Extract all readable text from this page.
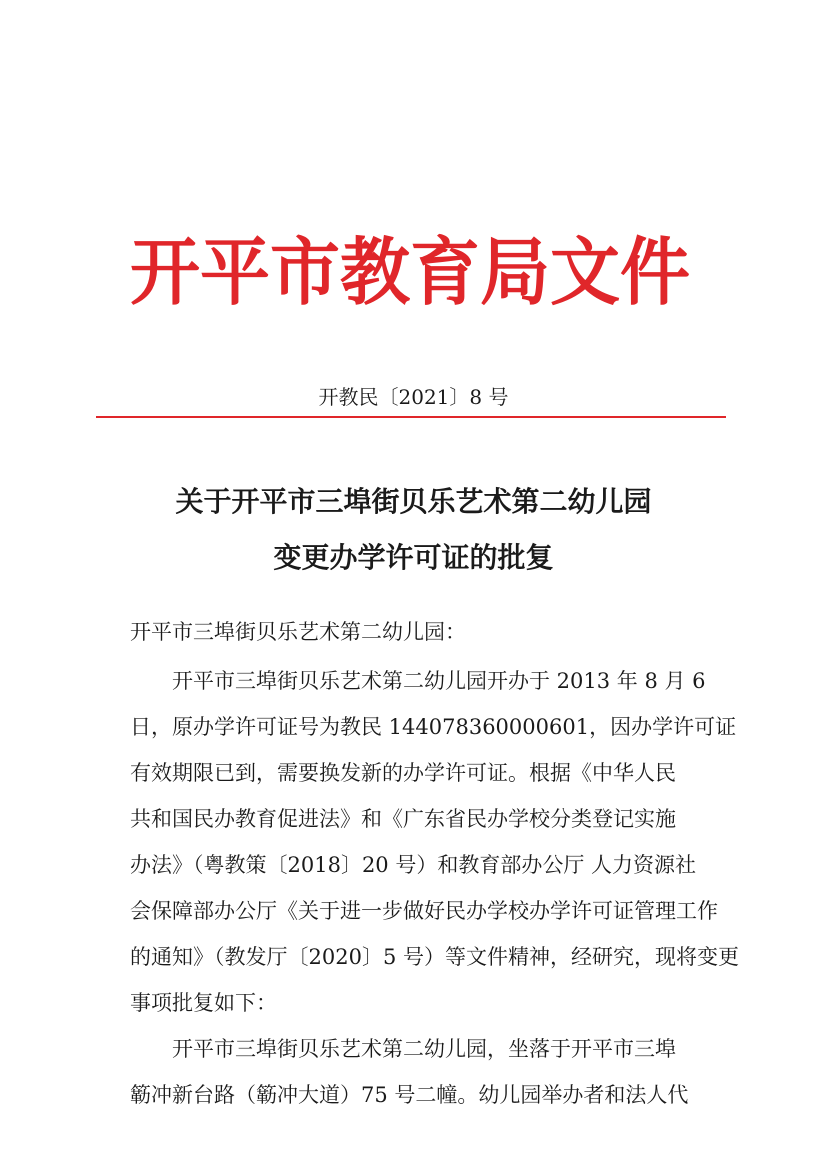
开平市教育局文件
开教民〔2021〕8 号
关于开平市三埠街贝乐艺术第二幼儿园
变更办学许可证的批复
开平市三埠街贝乐艺术第二幼儿园：
开平市三埠街贝乐艺术第二幼儿园开办于 2013 年 8 月 6
日，原办学许可证号为教民 144078360000601，因办学许可证
有效期限已到，需要换发新的办学许可证。根据《中华人民
共和国民办教育促进法》和《广东省民办学校分类登记实施
办法》（粤教策〔2018〕20 号）和教育部办公厅 人力资源社
会保障部办公厅《关于进一步做好民办学校办学许可证管理工作
的通知》（教发厅〔2020〕5 号）等文件精神，经研究，现将变更
事项批复如下：
开平市三埠街贝乐艺术第二幼儿园，坐落于开平市三埠
簕冲新台路（簕冲大道）75 号二幢。幼儿园举办者和法人代
